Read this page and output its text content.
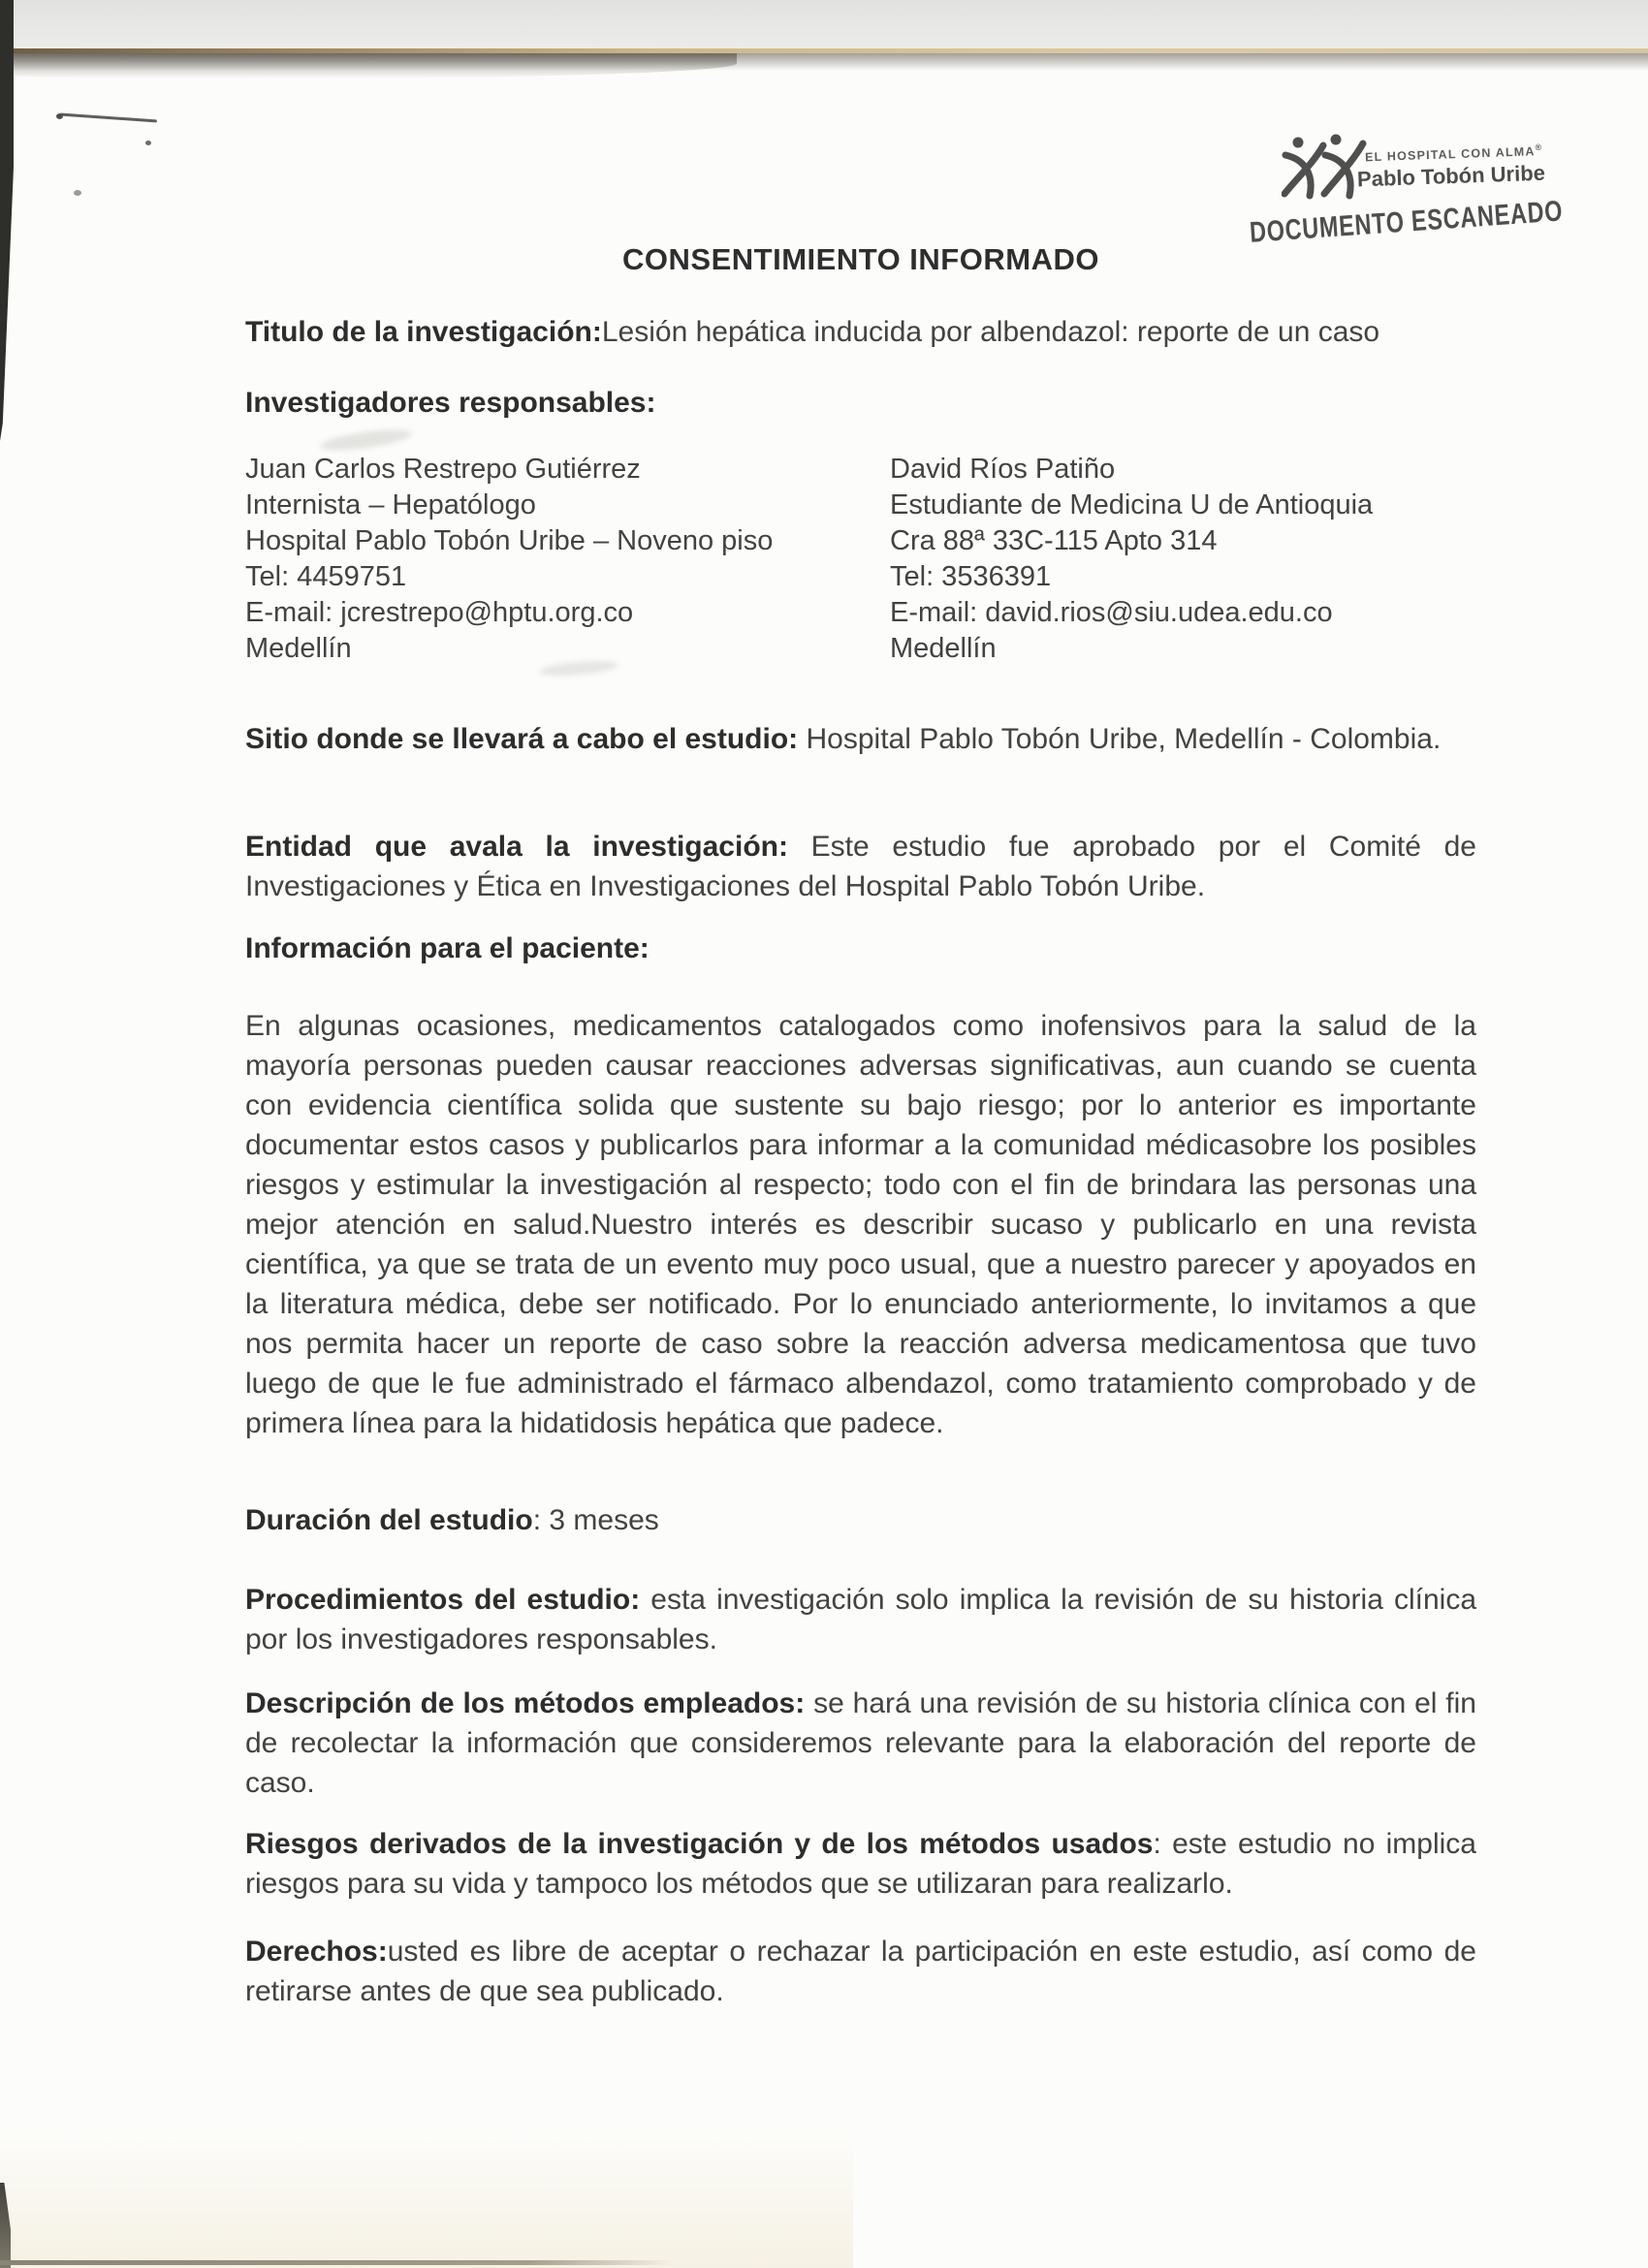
EL HOSPITAL CON ALMA®
Pablo Tobón Uribe
DOCUMENTO ESCANEADO
CONSENTIMIENTO INFORMADO

Titulo de la investigación:Lesión hepática inducida por albendazol: reporte de un caso

Investigadores responsables:
Juan Carlos Restrepo Gutiérrez
Internista – Hepatólogo
Hospital Pablo Tobón Uribe – Noveno piso
Tel: 4459751
E-mail: jcrestrepo@hptu.org.co
Medellín
David Ríos Patiño
Estudiante de Medicina U de Antioquia
Cra 88ª 33C-115 Apto 314
Tel: 3536391
E-mail: david.rios@siu.udea.edu.co
Medellín

Sitio donde se llevará a cabo el estudio: Hospital Pablo Tobón Uribe, Medellín - Colombia.

Entidad que avala la investigación: Este estudio fue aprobado por el Comité de Investigaciones y Ética en Investigaciones del Hospital Pablo Tobón Uribe.

Información para el paciente:
En algunas ocasiones, medicamentos catalogados como inofensivos para la salud de la mayoría personas pueden causar reacciones adversas significativas, aun cuando se cuenta con evidencia científica solida que sustente su bajo riesgo; por lo anterior es importante documentar estos casos y publicarlos para informar a la comunidad médicasobre los posibles riesgos y estimular la investigación al respecto; todo con el fin de brindara las personas una mejor atención en salud.Nuestro interés es describir sucaso y publicarlo en una revista científica, ya que se trata de un evento muy poco usual, que a nuestro parecer y apoyados en la literatura médica, debe ser notificado. Por lo enunciado anteriormente, lo invitamos a que nos permita hacer un reporte de caso sobre la reacción adversa medicamentosa que tuvo luego de que le fue administrado el fármaco albendazol, como tratamiento comprobado y de primera línea para la hidatidosis hepática que padece.

Duración del estudio: 3 meses

Procedimientos del estudio: esta investigación solo implica la revisión de su historia clínica por los investigadores responsables.

Descripción de los métodos empleados: se hará una revisión de su historia clínica con el fin de recolectar la información que consideremos relevante para la elaboración del reporte de caso.

Riesgos derivados de la investigación y de los métodos usados: este estudio no implica riesgos para su vida y tampoco los métodos que se utilizaran para realizarlo.

Derechos:usted es libre de aceptar o rechazar la participación en este estudio, así como de retirarse antes de que sea publicado.
